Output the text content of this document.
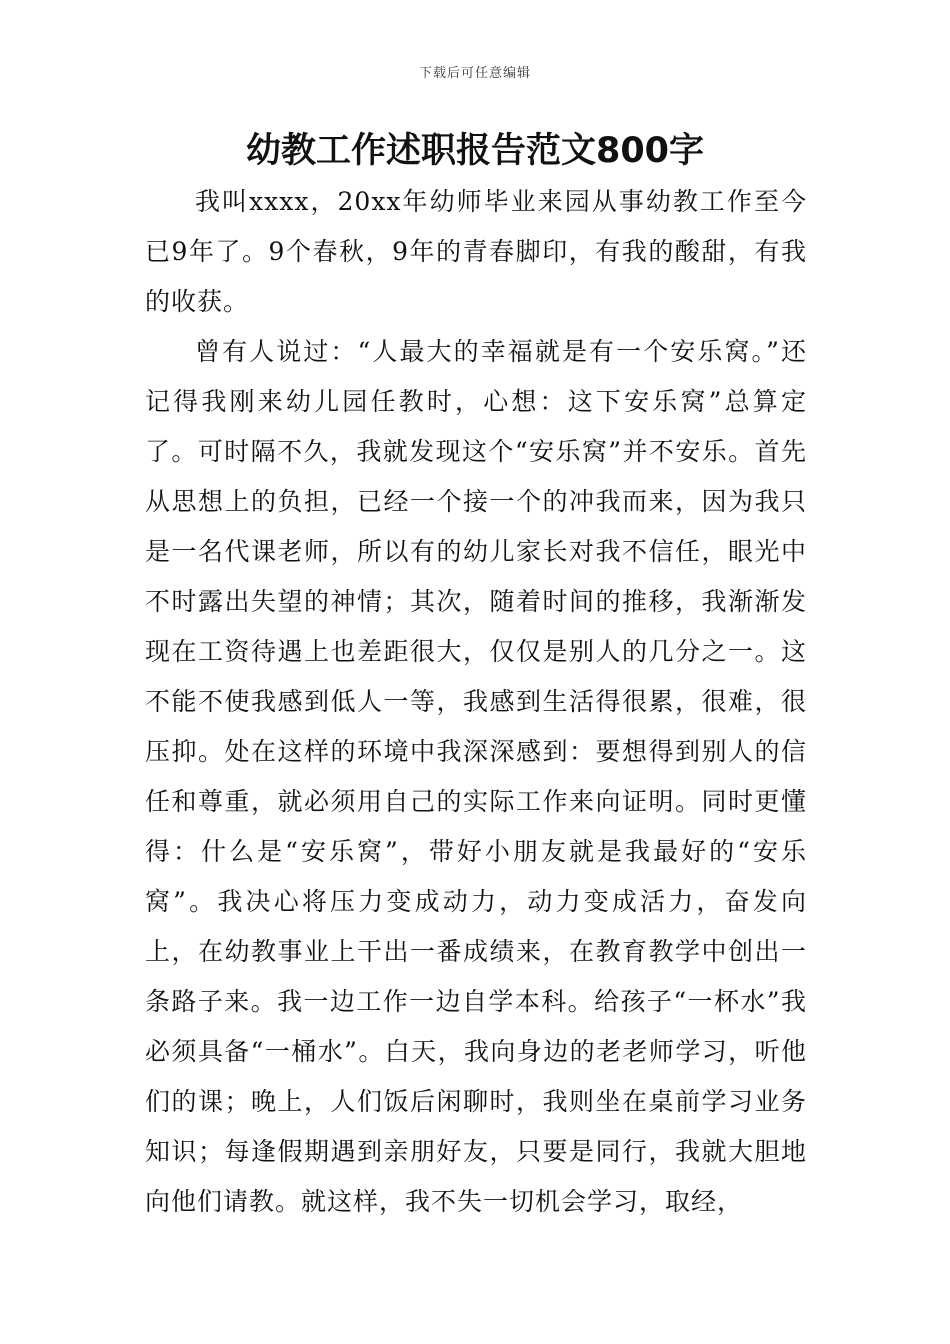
下载后可任意编辑
幼教工作述职报告范文800字

我叫xxxx，20xx年幼师毕业来园从事幼教工作至今已9年了。9个春秋，9年的青春脚印，有我的酸甜，有我的收获。

曾有人说过：“人最大的幸福就是有一个安乐窝。”还记得我刚来幼儿园任教时，心想：这下安乐窝”总算定了。可时隔不久，我就发现这个“安乐窝”并不安乐。首先从思想上的负担，已经一个接一个的冲我而来，因为我只是一名代课老师，所以有的幼儿家长对我不信任，眼光中不时露出失望的神情；其次，随着时间的推移，我渐渐发现在工资待遇上也差距很大，仅仅是别人的几分之一。这不能不使我感到低人一等，我感到生活得很累，很难，很压抑。处在这样的环境中我深深感到：要想得到别人的信任和尊重，就必须用自己的实际工作来向证明。同时更懂得：什么是“安乐窝”，带好小朋友就是我最好的“安乐窝”。我决心将压力变成动力，动力变成活力，奋发向上，在幼教事业上干出一番成绩来，在教育教学中创出一条路子来。我一边工作一边自学本科。给孩子“一杯水”我必须具备“一桶水”。白天，我向身边的老老师学习，听他们的课；晚上，人们饭后闲聊时，我则坐在桌前学习业务知识；每逢假期遇到亲朋好友，只要是同行，我就大胆地向他们请教。就这样，我不失一切机会学习，取经，
